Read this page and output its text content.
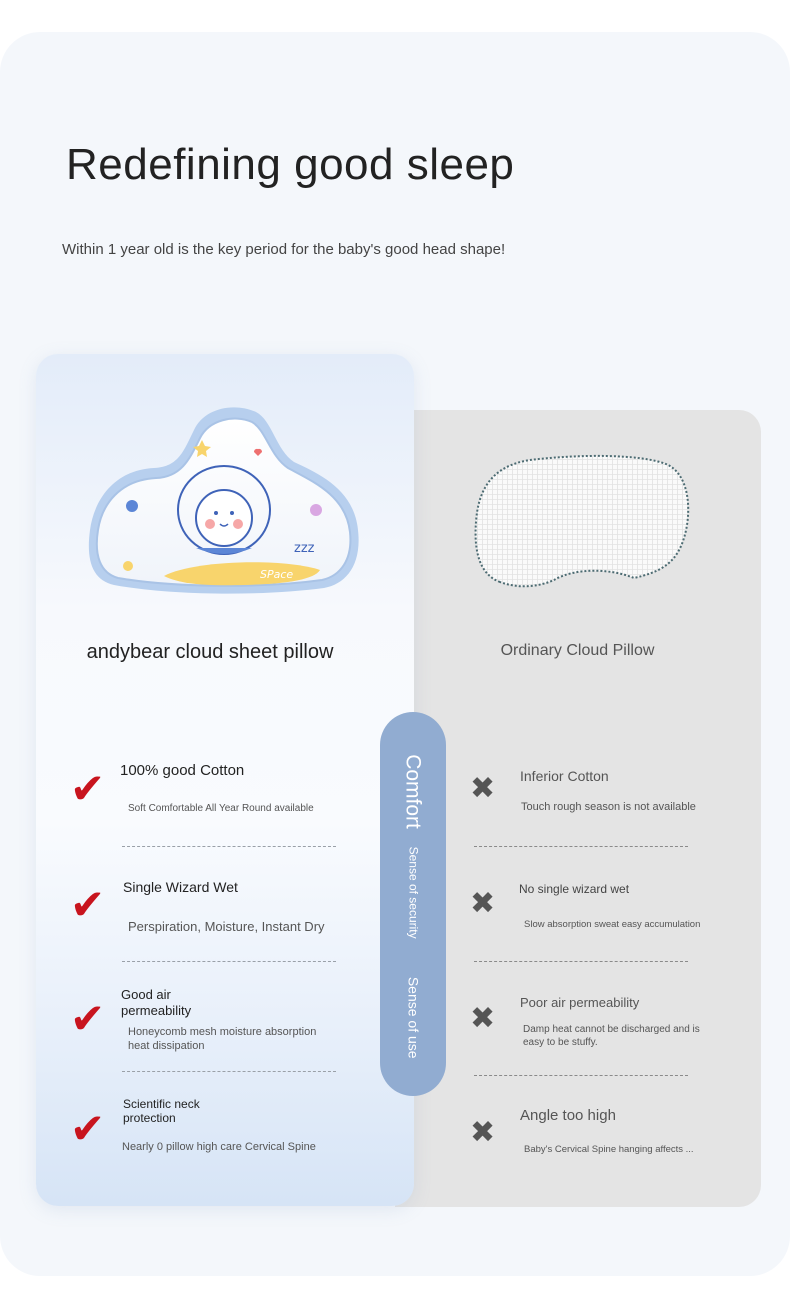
Redefining good sleep
Within 1 year old is the key period for the baby's good head shape!
SPace
zzz
andybear cloud sheet pillow	Ordinary Cloud Pillow
Comfort
Sense of security
Sense of use
✔ 100% good Cotton
Soft Comfortable All Year Round available
✔ Single Wizard Wet
Perspiration, Moisture, Instant Dry
✔ Good air permeability
Honeycomb mesh moisture absorption heat dissipation
✔ Scientific neck protection
Nearly 0 pillow high care Cervical Spine
✖ Inferior Cotton
Touch rough season is not available
✖ No single wizard wet
Slow absorption sweat easy accumulation
✖ Poor air permeability
Damp heat cannot be discharged and is easy to be stuffy.
✖ Angle too high
Baby's Cervical Spine hanging affects ...
